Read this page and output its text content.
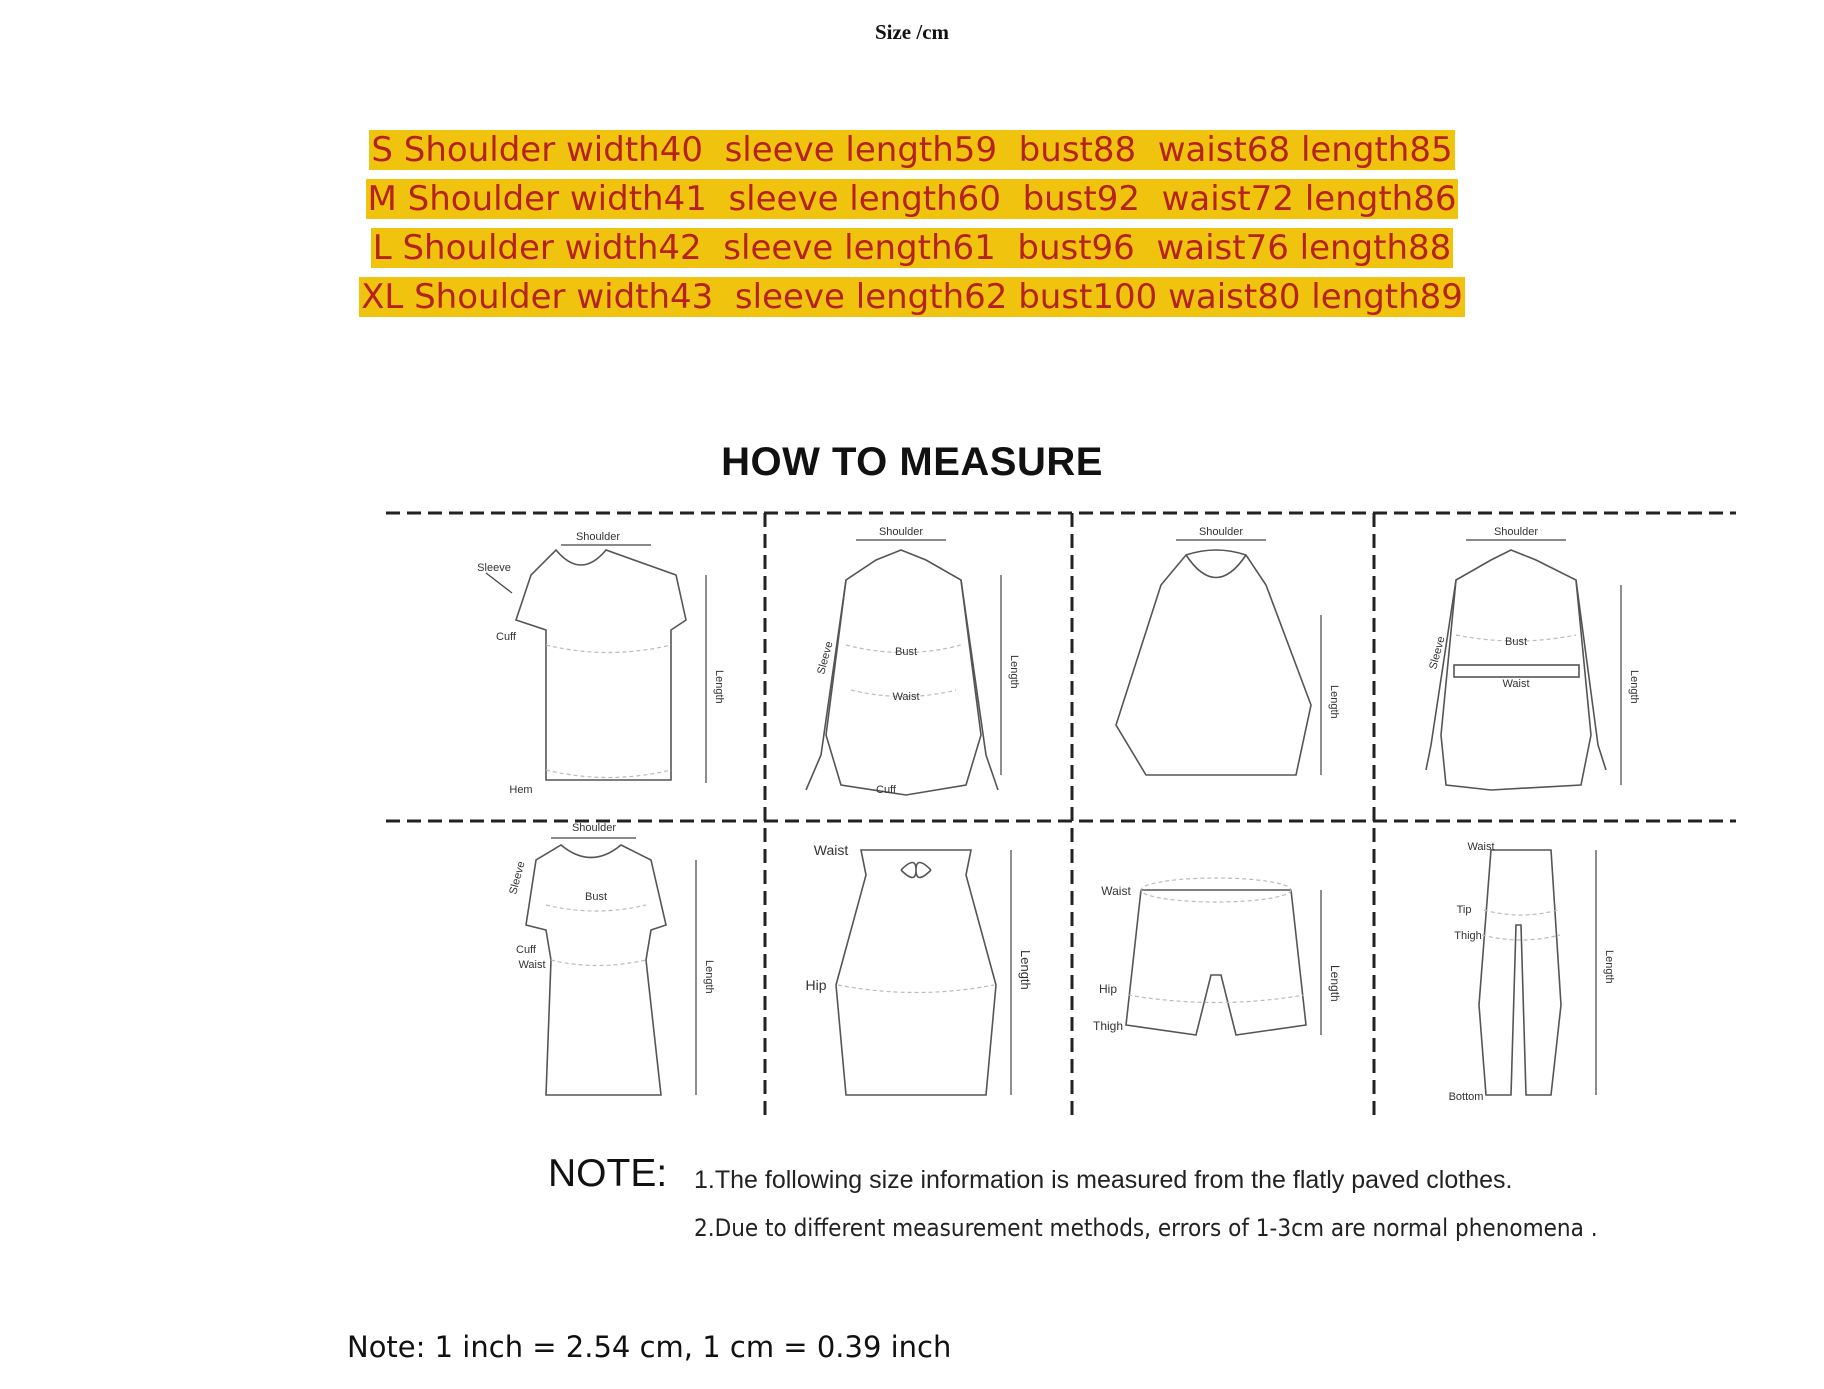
Size /cm
S Shoulder width40  sleeve length59  bust88  waist68 length85
M Shoulder width41  sleeve length60  bust92  waist72 length86
L Shoulder width42  sleeve length61  bust96  waist76 length88
XL Shoulder width43  sleeve length62 bust100 waist80 length89
HOW TO MEASURE
Shoulder
Sleeve
Cuff
Hem
Length
Shoulder
Bust
Waist
Sleeve
Cuff
Length
Shoulder
Length
Shoulder
Bust
Waist
Sleeve
Length
Shoulder
Sleeve
Bust
Cuff
Waist	Length
Waist
Hip	Length
Waist
Hip
Thigh
Length
Waist
Tip
Thigh
Length
Bottom
NOTE: 1.The following size information is measured from the flatly paved clothes.
2.Due to different measurement methods, errors of 1-3cm are normal phenomena .
Note: 1 inch = 2.54 cm, 1 cm = 0.39 inch
